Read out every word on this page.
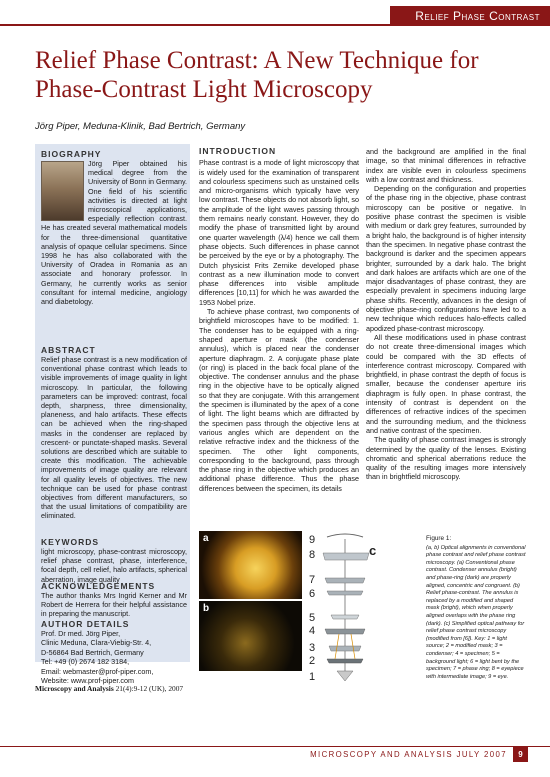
Relief Phase Contrast
Relief Phase Contrast: A New Technique for Phase-Contrast Light Microscopy
Jörg Piper, Meduna-Klinik, Bad Bertrich, Germany
BIOGRAPHY
Jörg Piper obtained his medical degree from the University of Bonn in Germany. One field of his scientific activities is directed at light microscopical applications, especially reflection contrast. He has created several mathematical models for the three-dimensional quantitative analysis of opaque cellular specimens. Since 1998 he has also collaborated with the University of Oradea in Romania as an associate and honorary professor. In Germany, he currently works as senior consultant for internal medicine, angiology and diabetology.
ABSTRACT
Relief phase contrast is a new modification of conventional phase contrast which leads to visible improvements of image quality in light microscopy. In particular, the following parameters can be improved: contrast, focal depth, sharpness, three dimensionality, planeness, and halo artifacts. These effects can be achieved when the ring-shaped masks in the condenser are replaced by crescent- or punctate-shaped masks. Several solutions are described which are suitable to create this modification. The achievable improvements of image quality are relevant for all quality levels of objectives. The new technique can be used for phase contrast objectives from different manufacturers, so that the usual limitations of compatibility are eliminated.
KEYWORDS
light microscopy, phase-contrast microscopy, relief phase contrast, phase, interference, focal depth, cell relief, halo artifacts, spherical aberration, image quality
ACKNOWLEDGEMENTS
The author thanks Mrs Ingrid Kerner and Mr Robert de Herrera for their helpful assistance in preparing the manuscript.
AUTHOR DETAILS
Prof. Dr med. Jörg Piper,
Clinic Meduna, Clara-Viebig-Str. 4,
D-56864 Bad Bertrich, Germany
Tel: +49 (0) 2674 182 3184,
Email: webmaster@prof-piper.com,
Website: www.prof-piper.com
INTRODUCTION

Phase contrast is a mode of light microscopy that is widely used for the examination of transparent and colourless specimens such as unstained cells and micro-organisms which typically have very low contrast. These objects do not absorb light, so the amplitude of the light waves passing through them remains nearly constant. However, they do modify the phase of transmitted light by around one quarter wavelength (λ/4) hence we call them phase objects. Such differences in phase cannot be perceived by the eye or by a photography. The Dutch physicist Frits Zernike developed phase contrast as a new illumination mode to convert phase differences into visible amplitude differences [10,11] for which he was awarded the 1953 Nobel prize.

To achieve phase contrast, two components of brightfield microscopes have to be modified: 1. The condenser has to be equipped with a ring-shaped aperture or mask (the condenser annulus), which is placed near the condenser aperture diaphragm. 2. A conjugate phase plate (or ring) is placed in the back focal plane of the objective. The condenser annulus and the phase ring in the objective have to be optically aligned so that they are conjugate. With this arrangement the specimen is illuminated by the apex of a cone of light. The light beams which are diffracted by the specimen pass through the objective lens at various angles which are dependent on the relative refractive index and the thickness of the specimen. The other light components, corresponding to the background, pass through the phase ring in the objective which produces an additional phase difference. Thus the phase differences between the specimen, its details

and the background are amplified in the final image, so that minimal differences in refractive index are visible even in colourless specimens with a low contrast and thickness.

Depending on the configuration and properties of the phase ring in the objective, phase contrast microscopy can be positive or negative. In positive phase contrast the specimen is visible with medium or dark grey features, surrounded by a bright halo, the background is of higher intensity than the specimen. In negative phase contrast the background is darker and the specimen appears brighter, surrounded by a dark halo. The bright and dark haloes are artifacts which are one of the major disadvantages of phase contrast, they are especially prevalent in specimens inducing large phase shifts. Recently, advances in the design of objective phase-ring configurations have led to a new technique which reduces halo-effects called apodized phase-contrast microscopy.

All these modifications used in phase contrast do not create three-dimensional images which could be compared with the 3D effects of interference contrast microscopy. Compared with brightfield, in phase contrast the depth of focus is smaller, because the condenser aperture iris diaphragm is fully open. In phase contrast, the intensity of contrast is dependent on the differences of refractive indices of the specimen and the surrounding medium, and the thickness and native contrast of the specimen.

The quality of phase contrast images is strongly determined by the quality of the lenses. Existing chromatic and spherical aberrations reduce the quality of the resulting images more intensively than in brightfield microscopy.

a
b
9
8
7
6
5
4
3
2
1
c
Figure 1:
(a, b) Optical alignments in conventional phase contrast and relief phase contrast microscopy. (a) Conventional phase contrast. Condenser annulus (bright) and phase-ring (dark) are properly aligned, concentric and congruent. (b) Relief phase-contrast. The annulus is replaced by a modified and shaped mask (bright), which when properly aligned overlaps with the phase ring (dark). (c) Simplified optical pathway for relief phase contrast microscopy (modified from [6]). Key: 1 = light source; 2 = modified mask; 3 = condenser; 4 = specimen; 5 = background light; 6 = light bent by the specimen; 7 = phase ring; 8 = eyepiece with intermediate image; 9 = eye.
Microscopy and Analysis 21(4):9-12 (UK), 2007
MICROSCOPY AND ANALYSIS JULY 2007	9
